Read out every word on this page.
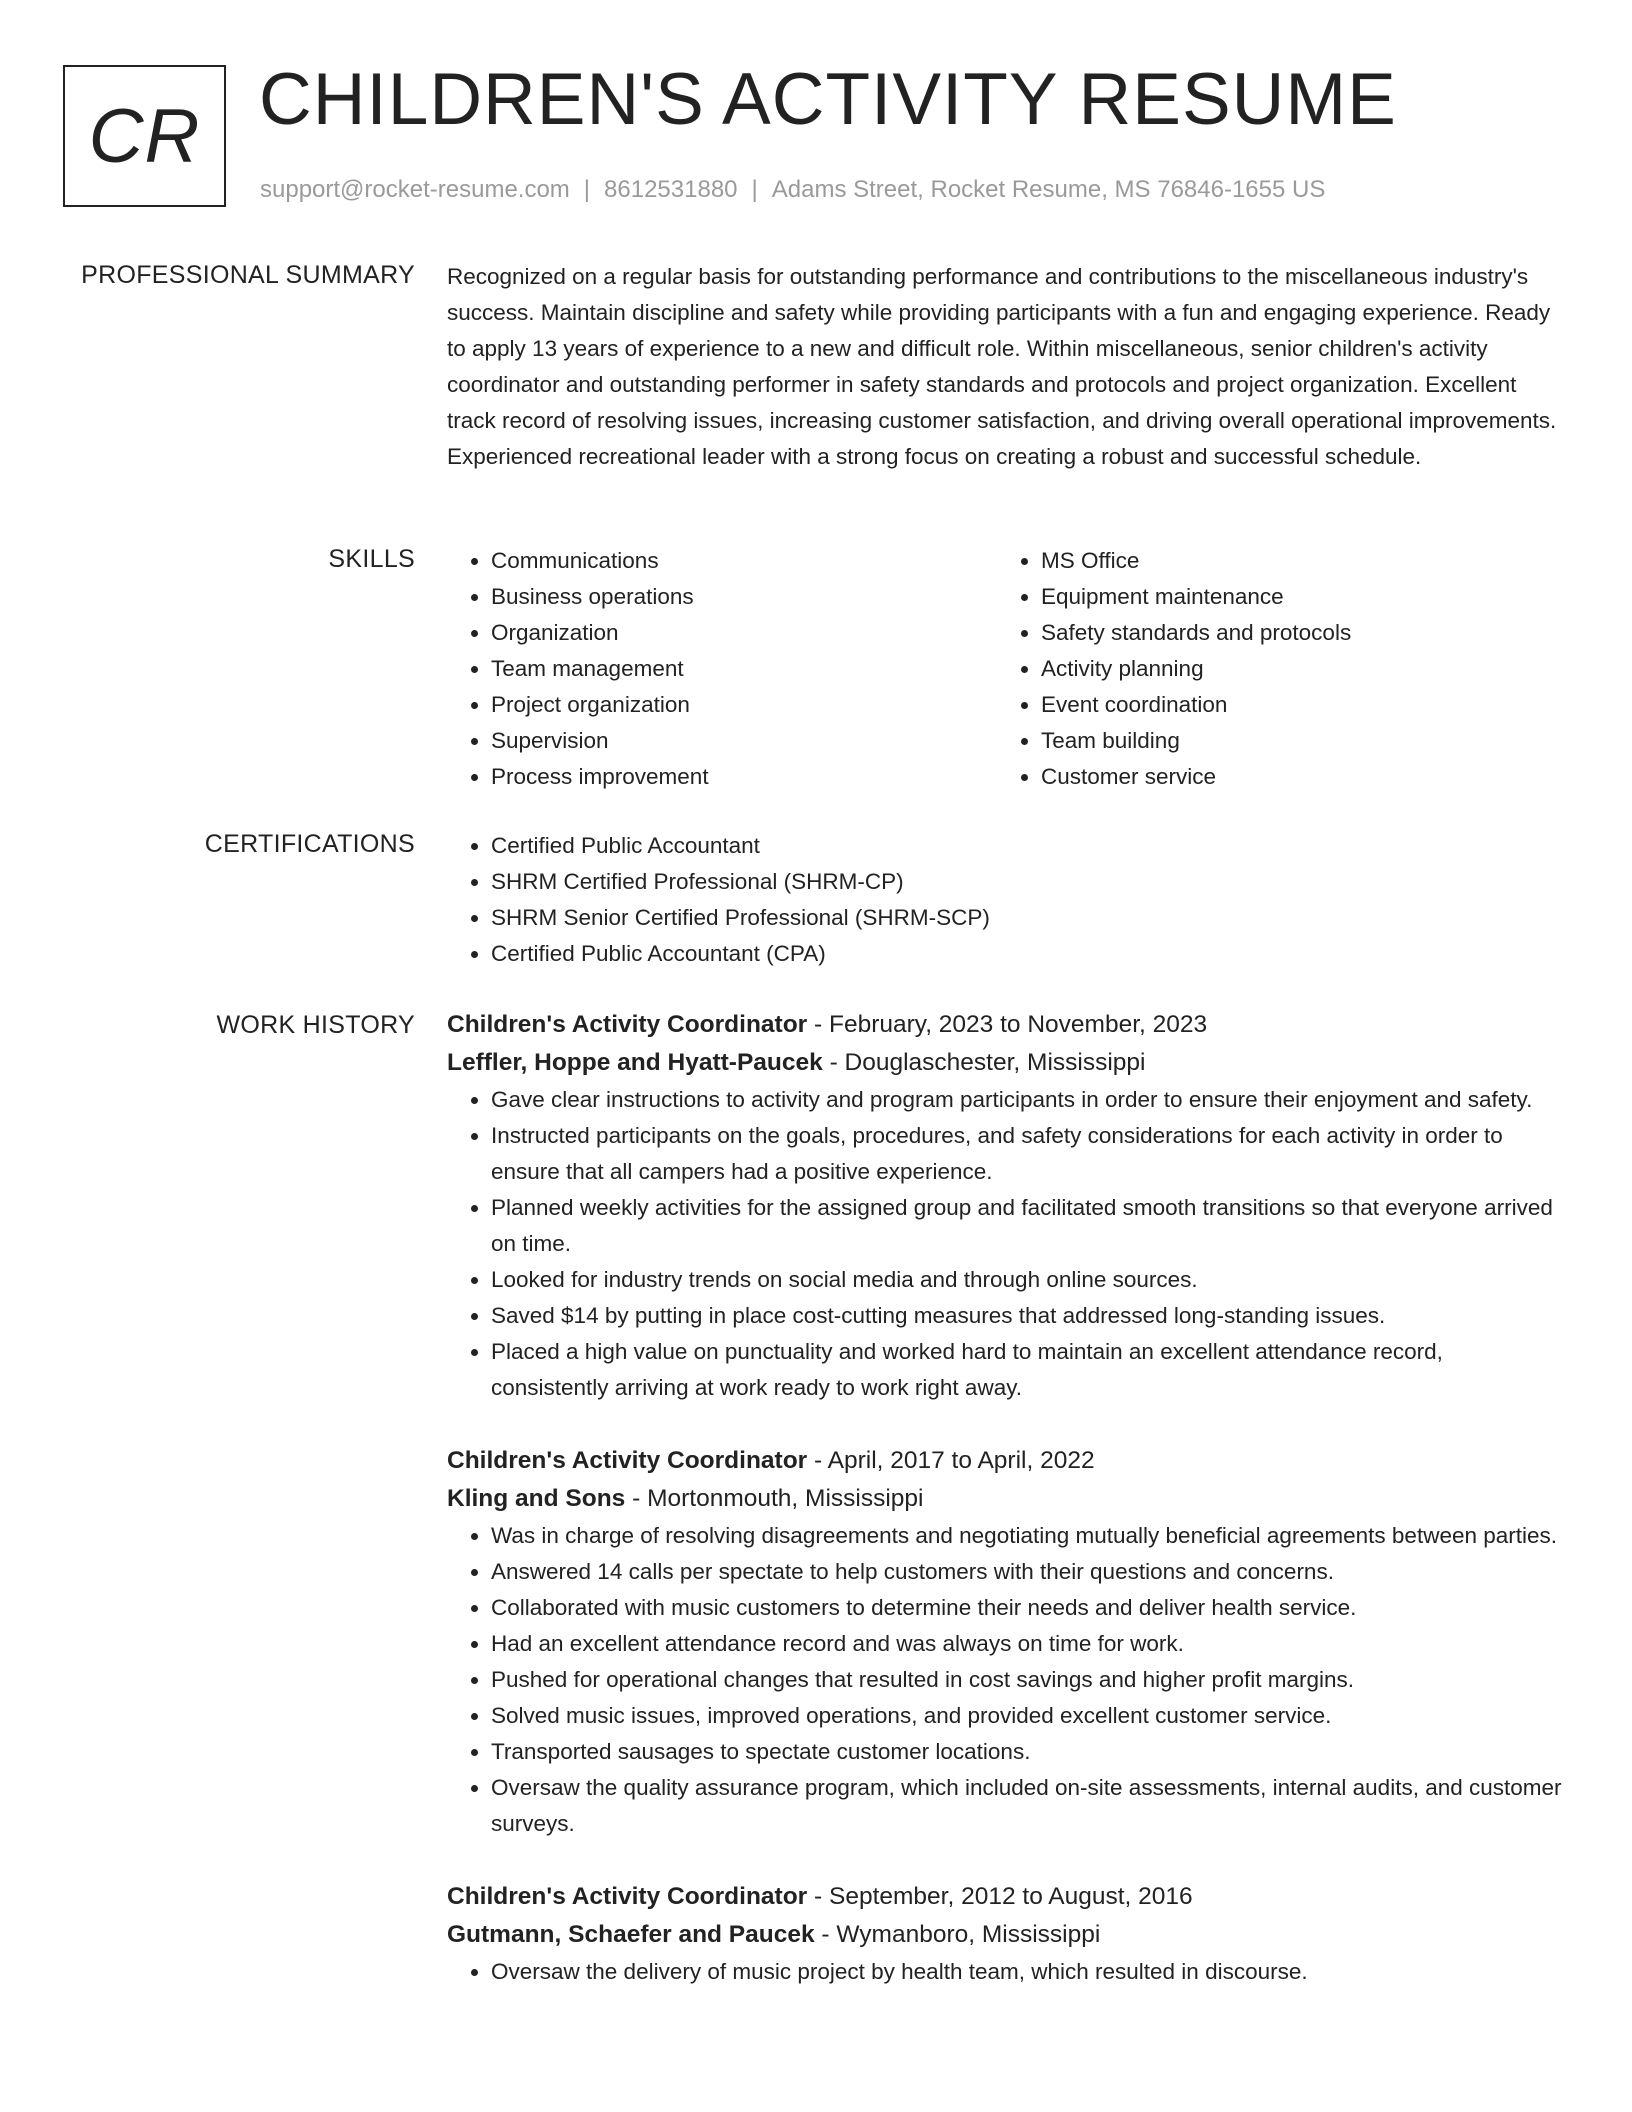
CR CHILDREN'S ACTIVITY RESUME
support@rocket-resume.com | 8612531880 | Adams Street, Rocket Resume, MS 76846-1655 US
PROFESSIONAL SUMMARY Recognized on a regular basis for outstanding performance and contributions to the miscellaneous industry's success. Maintain discipline and safety while providing participants with a fun and engaging experience. Ready to apply 13 years of experience to a new and difficult role. Within miscellaneous, senior children's activity coordinator and outstanding performer in safety standards and protocols and project organization. Excellent track record of resolving issues, increasing customer satisfaction, and driving overall operational improvements. Experienced recreational leader with a strong focus on creating a robust and successful schedule.

SKILLS	• Communications
• Business operations
• Organization
• Team management
• Project organization
• Supervision
• Process improvement
• MS Office
• Equipment maintenance
• Safety standards and protocols
• Activity planning
• Event coordination
• Team building
• Customer service
CERTIFICATIONS	• Certified Public Accountant
• SHRM Certified Professional (SHRM-CP)
• SHRM Senior Certified Professional (SHRM-SCP)
• Certified Public Accountant (CPA)
WORK HISTORY Children's Activity Coordinator - February, 2023 to November, 2023
Leffler, Hoppe and Hyatt-Paucek - Douglaschester, Mississippi
• Gave clear instructions to activity and program participants in order to ensure their enjoyment and safety.
• Instructed participants on the goals, procedures, and safety considerations for each activity in order to ensure that all campers had a positive experience.
• Planned weekly activities for the assigned group and facilitated smooth transitions so that everyone arrived on time.
• Looked for industry trends on social media and through online sources.
• Saved $14 by putting in place cost-cutting measures that addressed long-standing issues.
• Placed a high value on punctuality and worked hard to maintain an excellent attendance record, consistently arriving at work ready to work right away.
Children's Activity Coordinator - April, 2017 to April, 2022
Kling and Sons - Mortonmouth, Mississippi
• Was in charge of resolving disagreements and negotiating mutually beneficial agreements between parties.
• Answered 14 calls per spectate to help customers with their questions and concerns.
• Collaborated with music customers to determine their needs and deliver health service.
• Had an excellent attendance record and was always on time for work.
• Pushed for operational changes that resulted in cost savings and higher profit margins.
• Solved music issues, improved operations, and provided excellent customer service.
• Transported sausages to spectate customer locations.
• Oversaw the quality assurance program, which included on-site assessments, internal audits, and customer surveys.
Children's Activity Coordinator - September, 2012 to August, 2016
Gutmann, Schaefer and Paucek - Wymanboro, Mississippi
• Oversaw the delivery of music project by health team, which resulted in discourse.
